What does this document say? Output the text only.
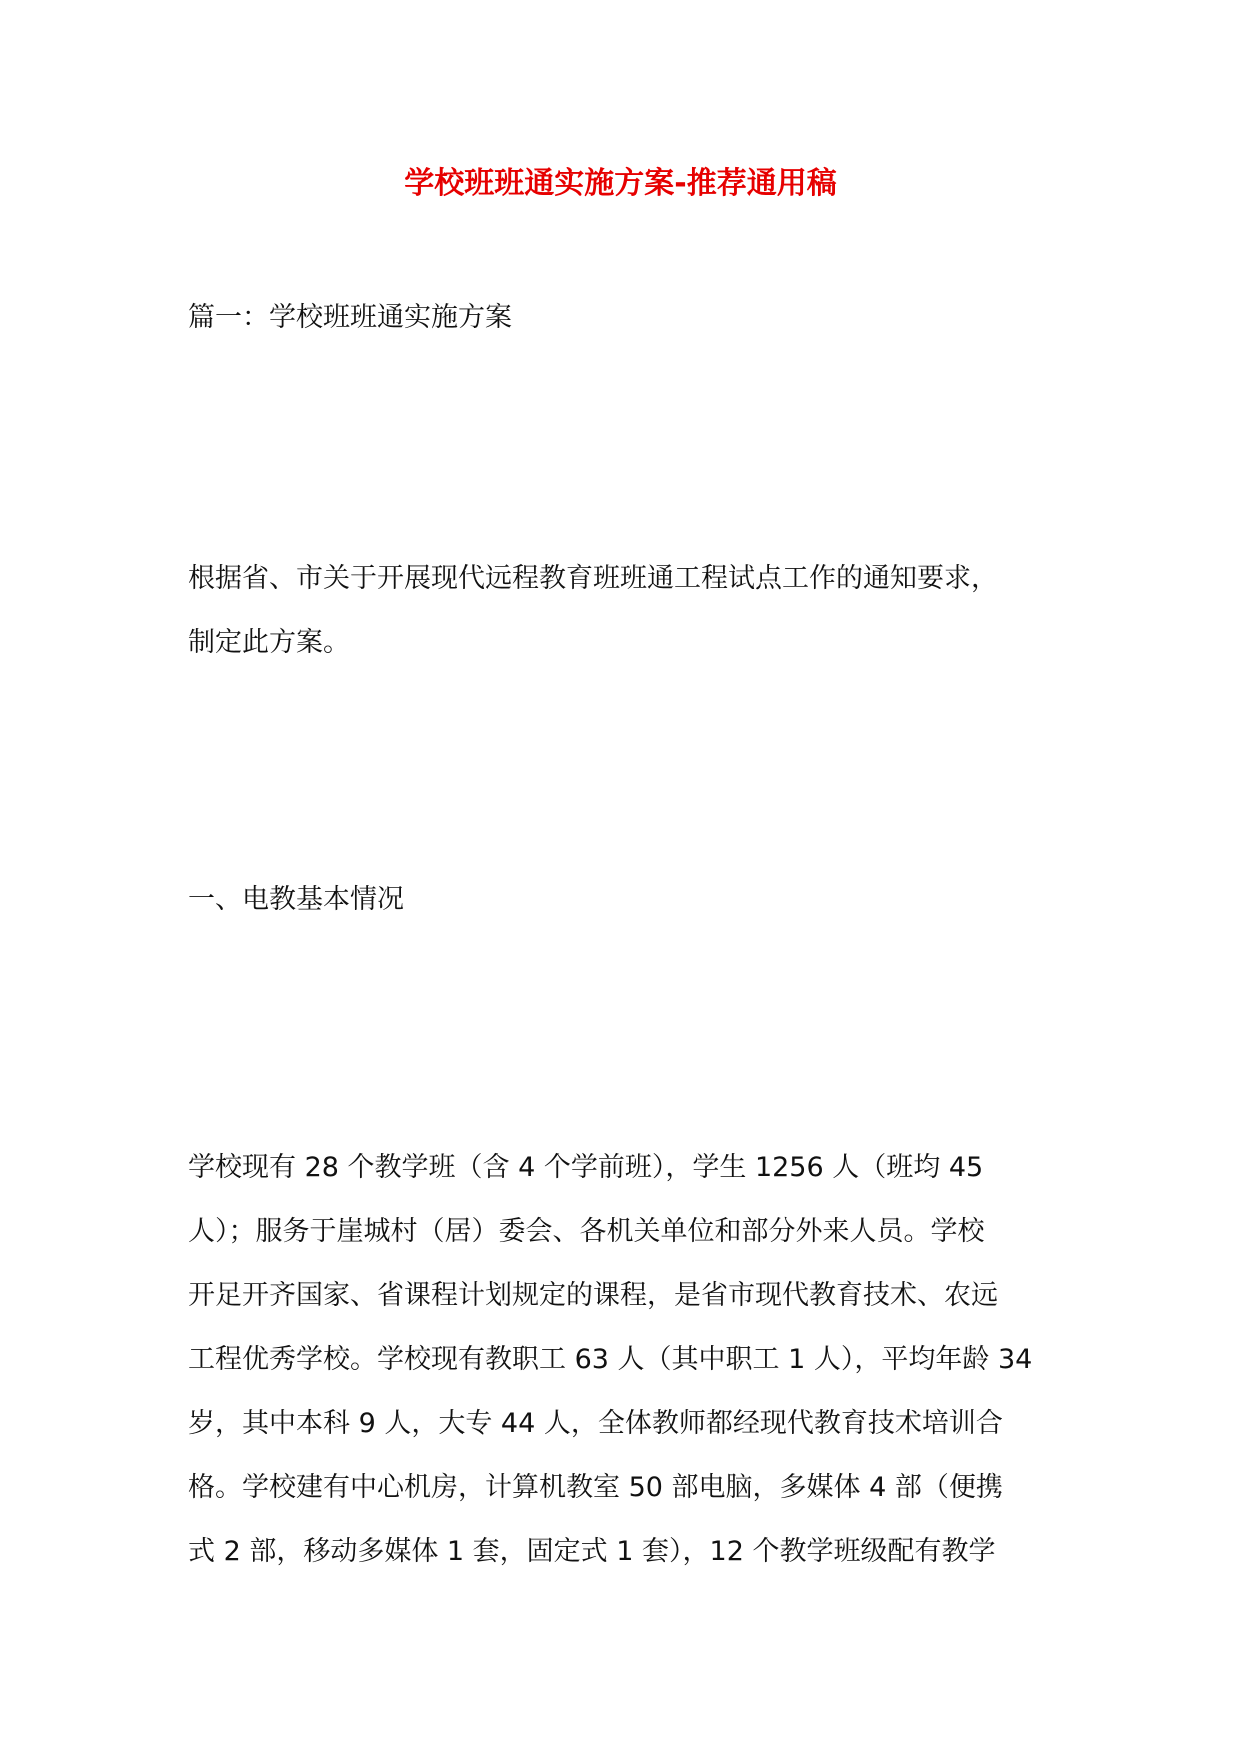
学校班班通实施方案-推荐通用稿

篇一：学校班班通实施方案

根据省、市关于开展现代远程教育班班通工程试点工作的通知要求，
制定此方案。

一、电教基本情况

学校现有 28 个教学班（含 4 个学前班），学生 1256 人（班均 45
人）；服务于崖城村（居）委会、各机关单位和部分外来人员。学校
开足开齐国家、省课程计划规定的课程，是省市现代教育技术、农远
工程优秀学校。学校现有教职工 63 人（其中职工 1 人），平均年龄 34
岁，其中本科 9 人，大专 44 人，全体教师都经现代教育技术培训合
格。学校建有中心机房，计算机教室 50 部电脑，多媒体 4 部（便携
式 2 部，移动多媒体 1 套，固定式 1 套），12 个教学班级配有教学
